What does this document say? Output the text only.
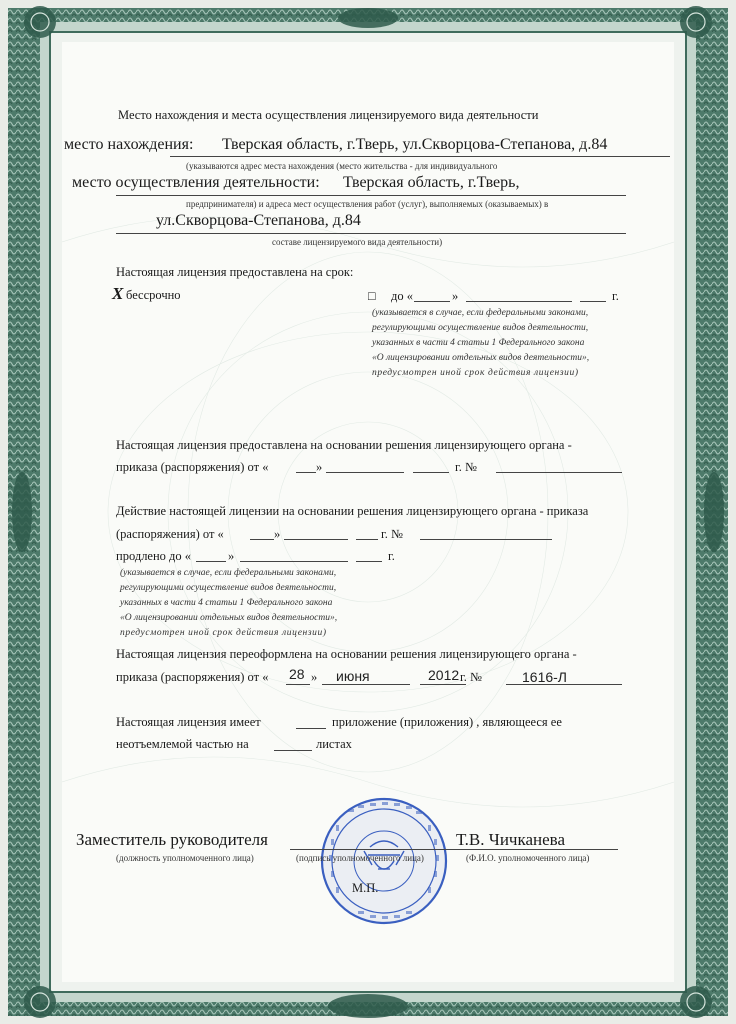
Место нахождения и места осуществления лицензируемого вида деятельности
место нахождения: Тверская область, г.Тверь, ул.Скворцова-Степанова, д.84
(указываются адрес места нахождения (место жительства - для индивидуального
место осуществления деятельности: Тверская область, г.Тверь,
предпринимателя) и адреса мест осуществления работ (услуг), выполняемых (оказываемых) в
ул.Скворцова-Степанова, д.84
составе лицензируемого вида деятельности)
Настоящая лицензия предоставлена на срок:
X бессрочно	□ до «	»	г.
(указывается в случае, если федеральными законами,
регулирующими осуществление видов деятельности,
указанных в части 4 статьи 1 Федерального закона
«О лицензировании отдельных видов деятельности»,
предусмотрен иной срок действия лицензии)
Настоящая лицензия предоставлена на основании решения лицензирующего органа -
приказа (распоряжения) от «	»	г. №
Действие настоящей лицензии на основании решения лицензирующего органа - приказа
(распоряжения) от «	»	г. №
продлено до «	»	г.
(указывается в случае, если федеральными законами,
регулирующими осуществление видов деятельности,
указанных в части 4 статьи 1 Федерального закона
«О лицензировании отдельных видов деятельности»,
предусмотрен иной срок действия лицензии)
Настоящая лицензия переоформлена на основании решения лицензирующего органа -
приказа (распоряжения) от « 28 » июня	2012 г. №	1616-Л
Настоящая лицензия имеет	приложение (приложения) , являющееся ее
неотъемлемой частью на	листах
Заместитель руководителя	Т.В. Чичканева
(должность уполномоченного лица)	(подпись уполномоченного лица)	(Ф.И.О. уполномоченного лица)
М.П.
